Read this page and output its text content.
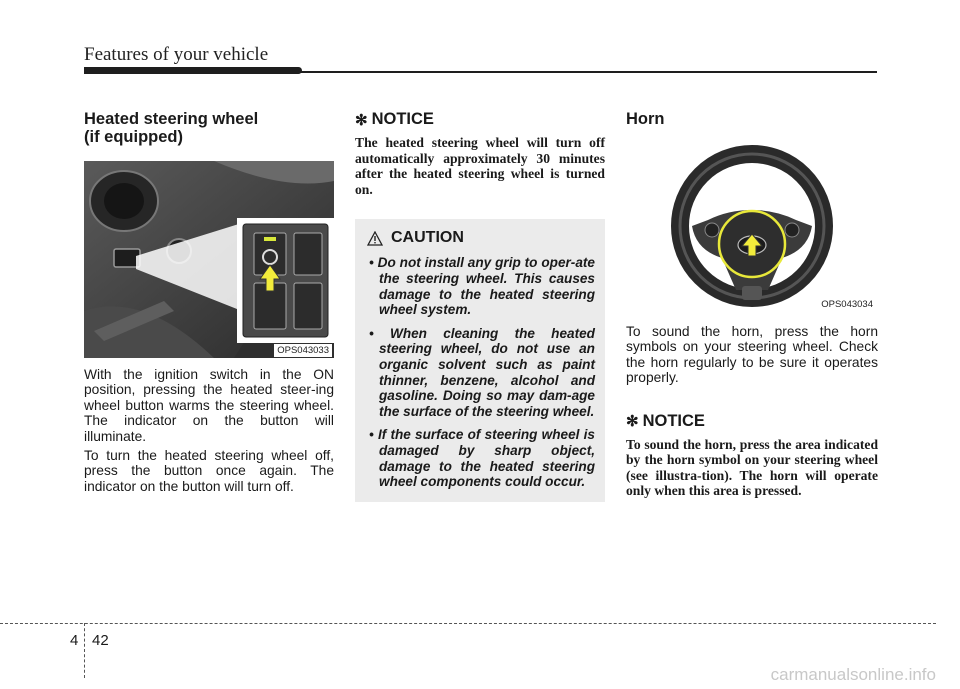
Features of your vehicle
Heated steering wheel
(if equipped)
OPS043033

With the ignition switch in the ON position, pressing the heated steer-ing wheel button warms the steering wheel. The indicator on the button will illuminate.

To turn the heated steering wheel off, press the button once again. The indicator on the button will turn off.

✻ NOTICE

The heated steering wheel will turn off automatically approximately 30 minutes after the heated steering wheel is turned on.

CAUTION
• Do not install any grip to oper-ate the steering wheel. This causes damage to the heated steering wheel system.
• When cleaning the heated steering wheel, do not use an organic solvent such as paint thinner, benzene, alcohol and gasoline. Doing so may dam-age the surface of the steering wheel.
• If the surface of steering wheel is damaged by sharp object, damage to the heated steering wheel components could occur.
Horn
OPS043034

To sound the horn, press the horn symbols on your steering wheel. Check the horn regularly to be sure it operates properly.

✻ NOTICE

To sound the horn, press the area indicated by the horn symbol on your steering wheel (see illustra-tion). The horn will operate only when this area is pressed.

4 42
carmanualsonline.info
